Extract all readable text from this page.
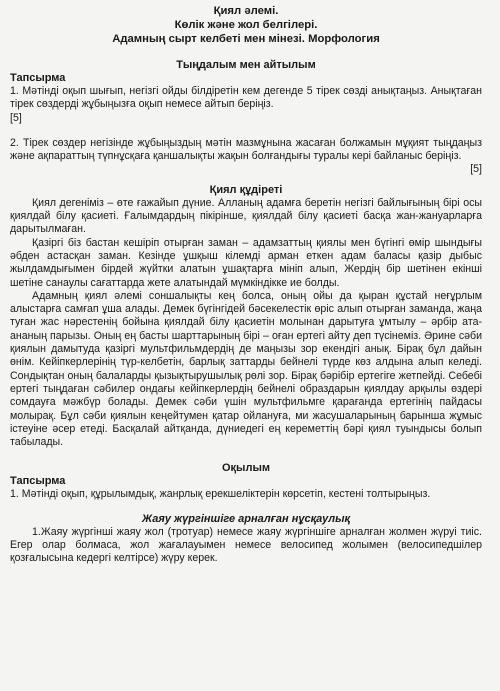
Қиял әлемі.
Көлік және жол белгілері.
Адамның сырт келбеті мен мінезі. Морфология
Тыңдалым мен айтылым
Тапсырма

1. Мәтінді оқып шығып, негізгі ойды білдіретін кем дегенде 5 тірек сөзді анықтаңыз. Анықтаған тірек сөздерді жұбыңызға оқып немесе айтып беріңіз.

[5]

2. Тірек сөздер негізінде жұбыңыздың мәтін мазмұнына жасаған болжамын мұқият тыңдаңыз және ақпараттың түпнұсқаға қаншалықты жақын болғандығы туралы кері байланыс беріңіз.

[5]

Қиял құдіреті

Қиял дегеніміз – өте ғажайып дүние. Алланың адамға беретін негізгі байлығының бірі осы қиялдай білу қасиеті. Ғалымдардың пікірінше, қиялдай білу қасиеті басқа жан-жануарларға дарытылмаған.

Қазіргі біз бастан кешіріп отырған заман – адамзаттың қиялы мен бүгінгі өмір шындығы әбден астасқан заман. Кезінде ұшқыш кілемді арман еткен адам баласы қазір дыбыс жылдамдығымен бірдей жүйтки алатын ұшақтарға мініп алып, Жердің бір шетінен екінші шетіне санаулы сағаттарда жете алатындай мүмкіндікке ие болды.

Адамның қиял әлемі соншалықты кең болса, оның ойы да қыран құстай неғұрлым алыстарға самғап ұша алады. Демек бүгінгідей бәсекелестік өріс алып отырған заманда, жаңа туған жас нәрестенің бойына қиялдай білу қасиетін молынан дарытуға ұмтылу – әрбір ата-ананың парызы. Оның ең басты шарттарының бірі – оған ертегі айту деп түсінеміз. Әрине сәби қиялын дамытуда қазіргі мультфильмдердің де маңызы зор екендігі анық. Бірақ бұл дайын өнім. Кейіпкерлерінің түр-келбетін, барлық заттарды бейнелі түрде көз алдына алып келеді. Сондықтан оның балаларды қызықтырушылық рөлі зор. Бірақ бәрібір ертегіге жетпейді. Себебі ертегі тыңдаған сәбилер ондағы кейіпкерлердің бейнелі образдарын қиялдау арқылы өздері сомдауға мәжбүр болады. Демек сәби үшін мультфильмге қарағанда ертегінің пайдасы молырақ. Бұл сәби қиялын кеңейтумен қатар ойлануға, ми жасушаларының барынша жұмыс істеуіне әсер етеді. Басқалай айтқанда, дүниедегі ең кереметтің бәрі қиял туындысы болып табылады.

Оқылым
Тапсырма

1. Мәтінді оқып, құрылымдық, жанрлық ерекшеліктерін көрсетіп, кестені толтырыңыз.

Жаяу жүргіншіге арналған нұсқаулық

1.Жаяу жүргінші жаяу жол (тротуар) немесе жаяу жүргіншіге арналған жолмен жүруі тиіс. Егер олар болмаса, жол жағалауымен немесе велосипед жолымен (велосипедшілер қозғалысына кедергі келтірсе) жүру керек.
